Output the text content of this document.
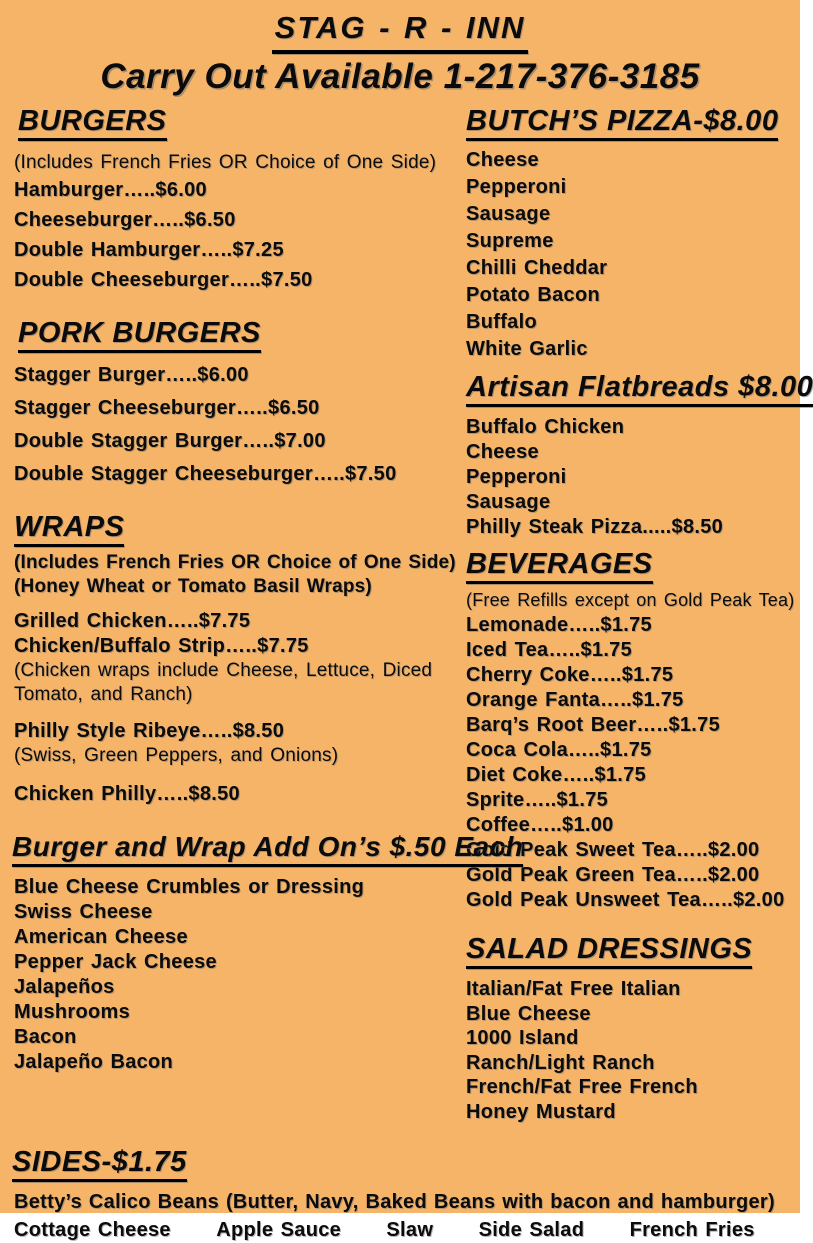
STAG - R - INN
Carry Out Available 1-217-376-3185
BURGERS
(Includes French Fries OR Choice of One Side)
Hamburger…..$6.00
Cheeseburger…..$6.50
Double Hamburger…..$7.25
Double Cheeseburger…..$7.50
PORK BURGERS
Stagger Burger…..$6.00
Stagger Cheeseburger…..$6.50
Double Stagger Burger…..$7.00
Double Stagger Cheeseburger…..$7.50
WRAPS
(Includes French Fries OR Choice of One Side)
(Honey Wheat or Tomato Basil Wraps)
Grilled Chicken…..$7.75
Chicken/Buffalo Strip…..$7.75
(Chicken wraps include Cheese, Lettuce, Diced Tomato, and Ranch)
Philly Style Ribeye…..$8.50
(Swiss, Green Peppers, and Onions)
Chicken Philly…..$8.50
Burger and Wrap Add On’s $.50 Each
Blue Cheese Crumbles or Dressing
Swiss Cheese
American Cheese
Pepper Jack Cheese
Jalapeños
Mushrooms
Bacon
Jalapeño Bacon
BUTCH’S PIZZA-$8.00
Cheese
Pepperoni
Sausage
Supreme
Chilli Cheddar
Potato Bacon
Buffalo
White Garlic
Artisan Flatbreads $8.00
Buffalo Chicken
Cheese
Pepperoni
Sausage
Philly Steak Pizza.....$8.50
BEVERAGES
(Free Refills except on Gold Peak Tea)
Lemonade…..$1.75
Iced Tea…..$1.75
Cherry Coke…..$1.75
Orange Fanta…..$1.75
Barq’s Root Beer…..$1.75
Coca Cola…..$1.75
Diet Coke…..$1.75
Sprite…..$1.75
Coffee…..$1.00
Gold Peak Sweet Tea…..$2.00
Gold Peak Green Tea…..$2.00
Gold Peak Unsweet Tea…..$2.00
SALAD DRESSINGS
Italian/Fat Free Italian
Blue Cheese
1000 Island
Ranch/Light Ranch
French/Fat Free French
Honey Mustard
SIDES-$1.75
Betty’s Calico Beans (Butter, Navy, Baked Beans with bacon and hamburger)
Cottage Cheese Apple Sauce Slaw Side Salad French Fries
